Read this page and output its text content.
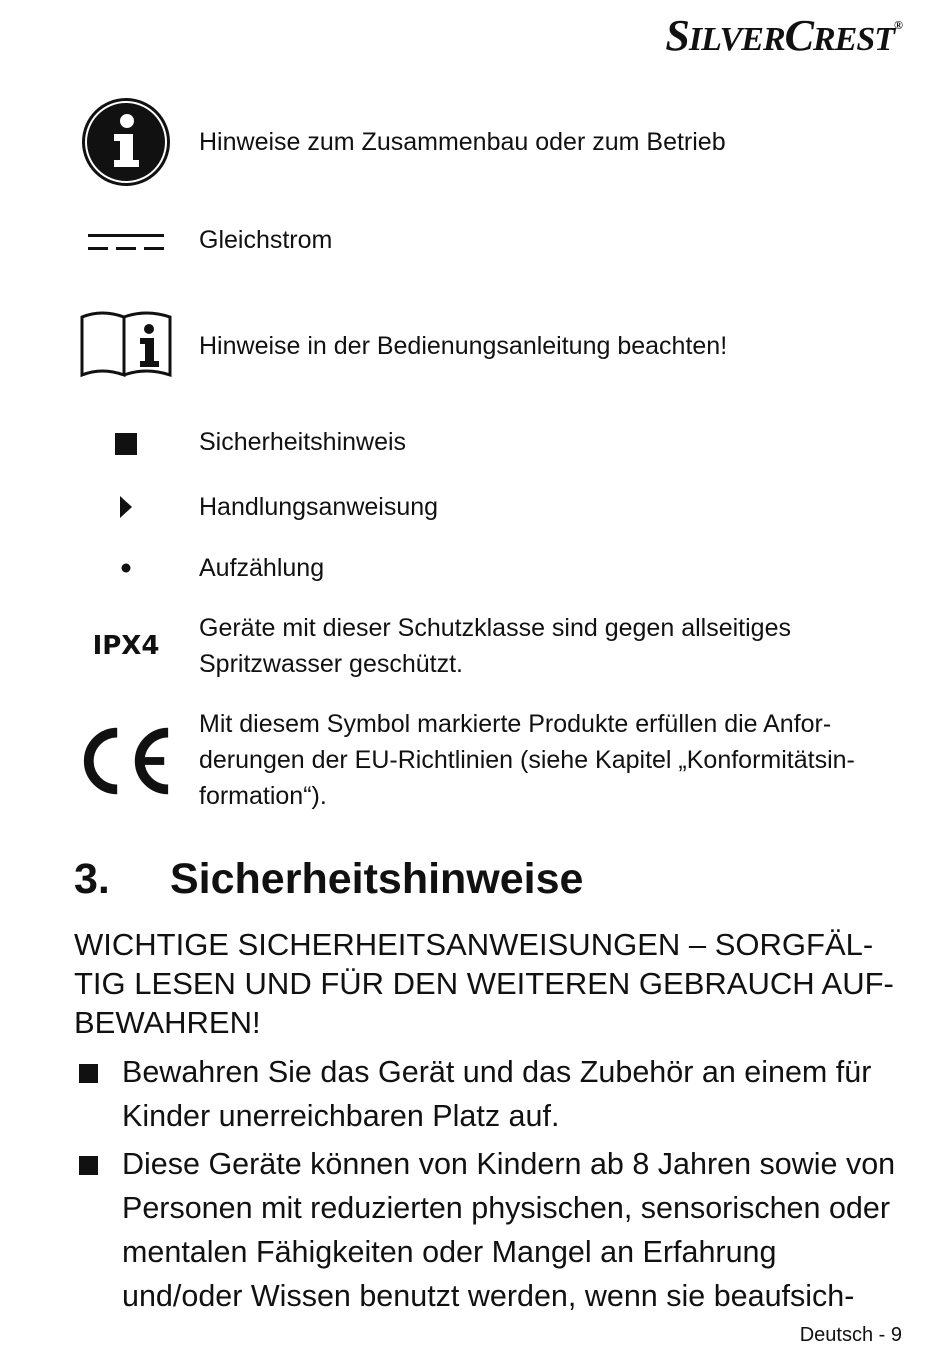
SILVERCREST®
Hinweise zum Zusammenbau oder zum Betrieb
Gleichstrom
Hinweise in der Bedienungsanleitung beachten!
Sicherheitshinweis
Handlungsanweisung
Aufzählung
IPX4
Geräte mit dieser Schutzklasse sind gegen allseitiges Spritzwasser geschützt.
Mit diesem Symbol markierte Produkte erfüllen die Anfor-derungen der EU-Richtlinien (siehe Kapitel „Konformitätsin-formation“).
3. Sicherheitshinweise
WICHTIGE SICHERHEITSANWEISUNGEN – SORGFÄL-TIG LESEN UND FÜR DEN WEITEREN GEBRAUCH AUF-BEWAHREN!
Bewahren Sie das Gerät und das Zubehör an einem für Kinder unerreichbaren Platz auf.
Diese Geräte können von Kindern ab 8 Jahren sowie von Personen mit reduzierten physischen, sensorischen oder mentalen Fähigkeiten oder Mangel an Erfahrung und/oder Wissen benutzt werden, wenn sie beaufsich-
Deutsch - 9
